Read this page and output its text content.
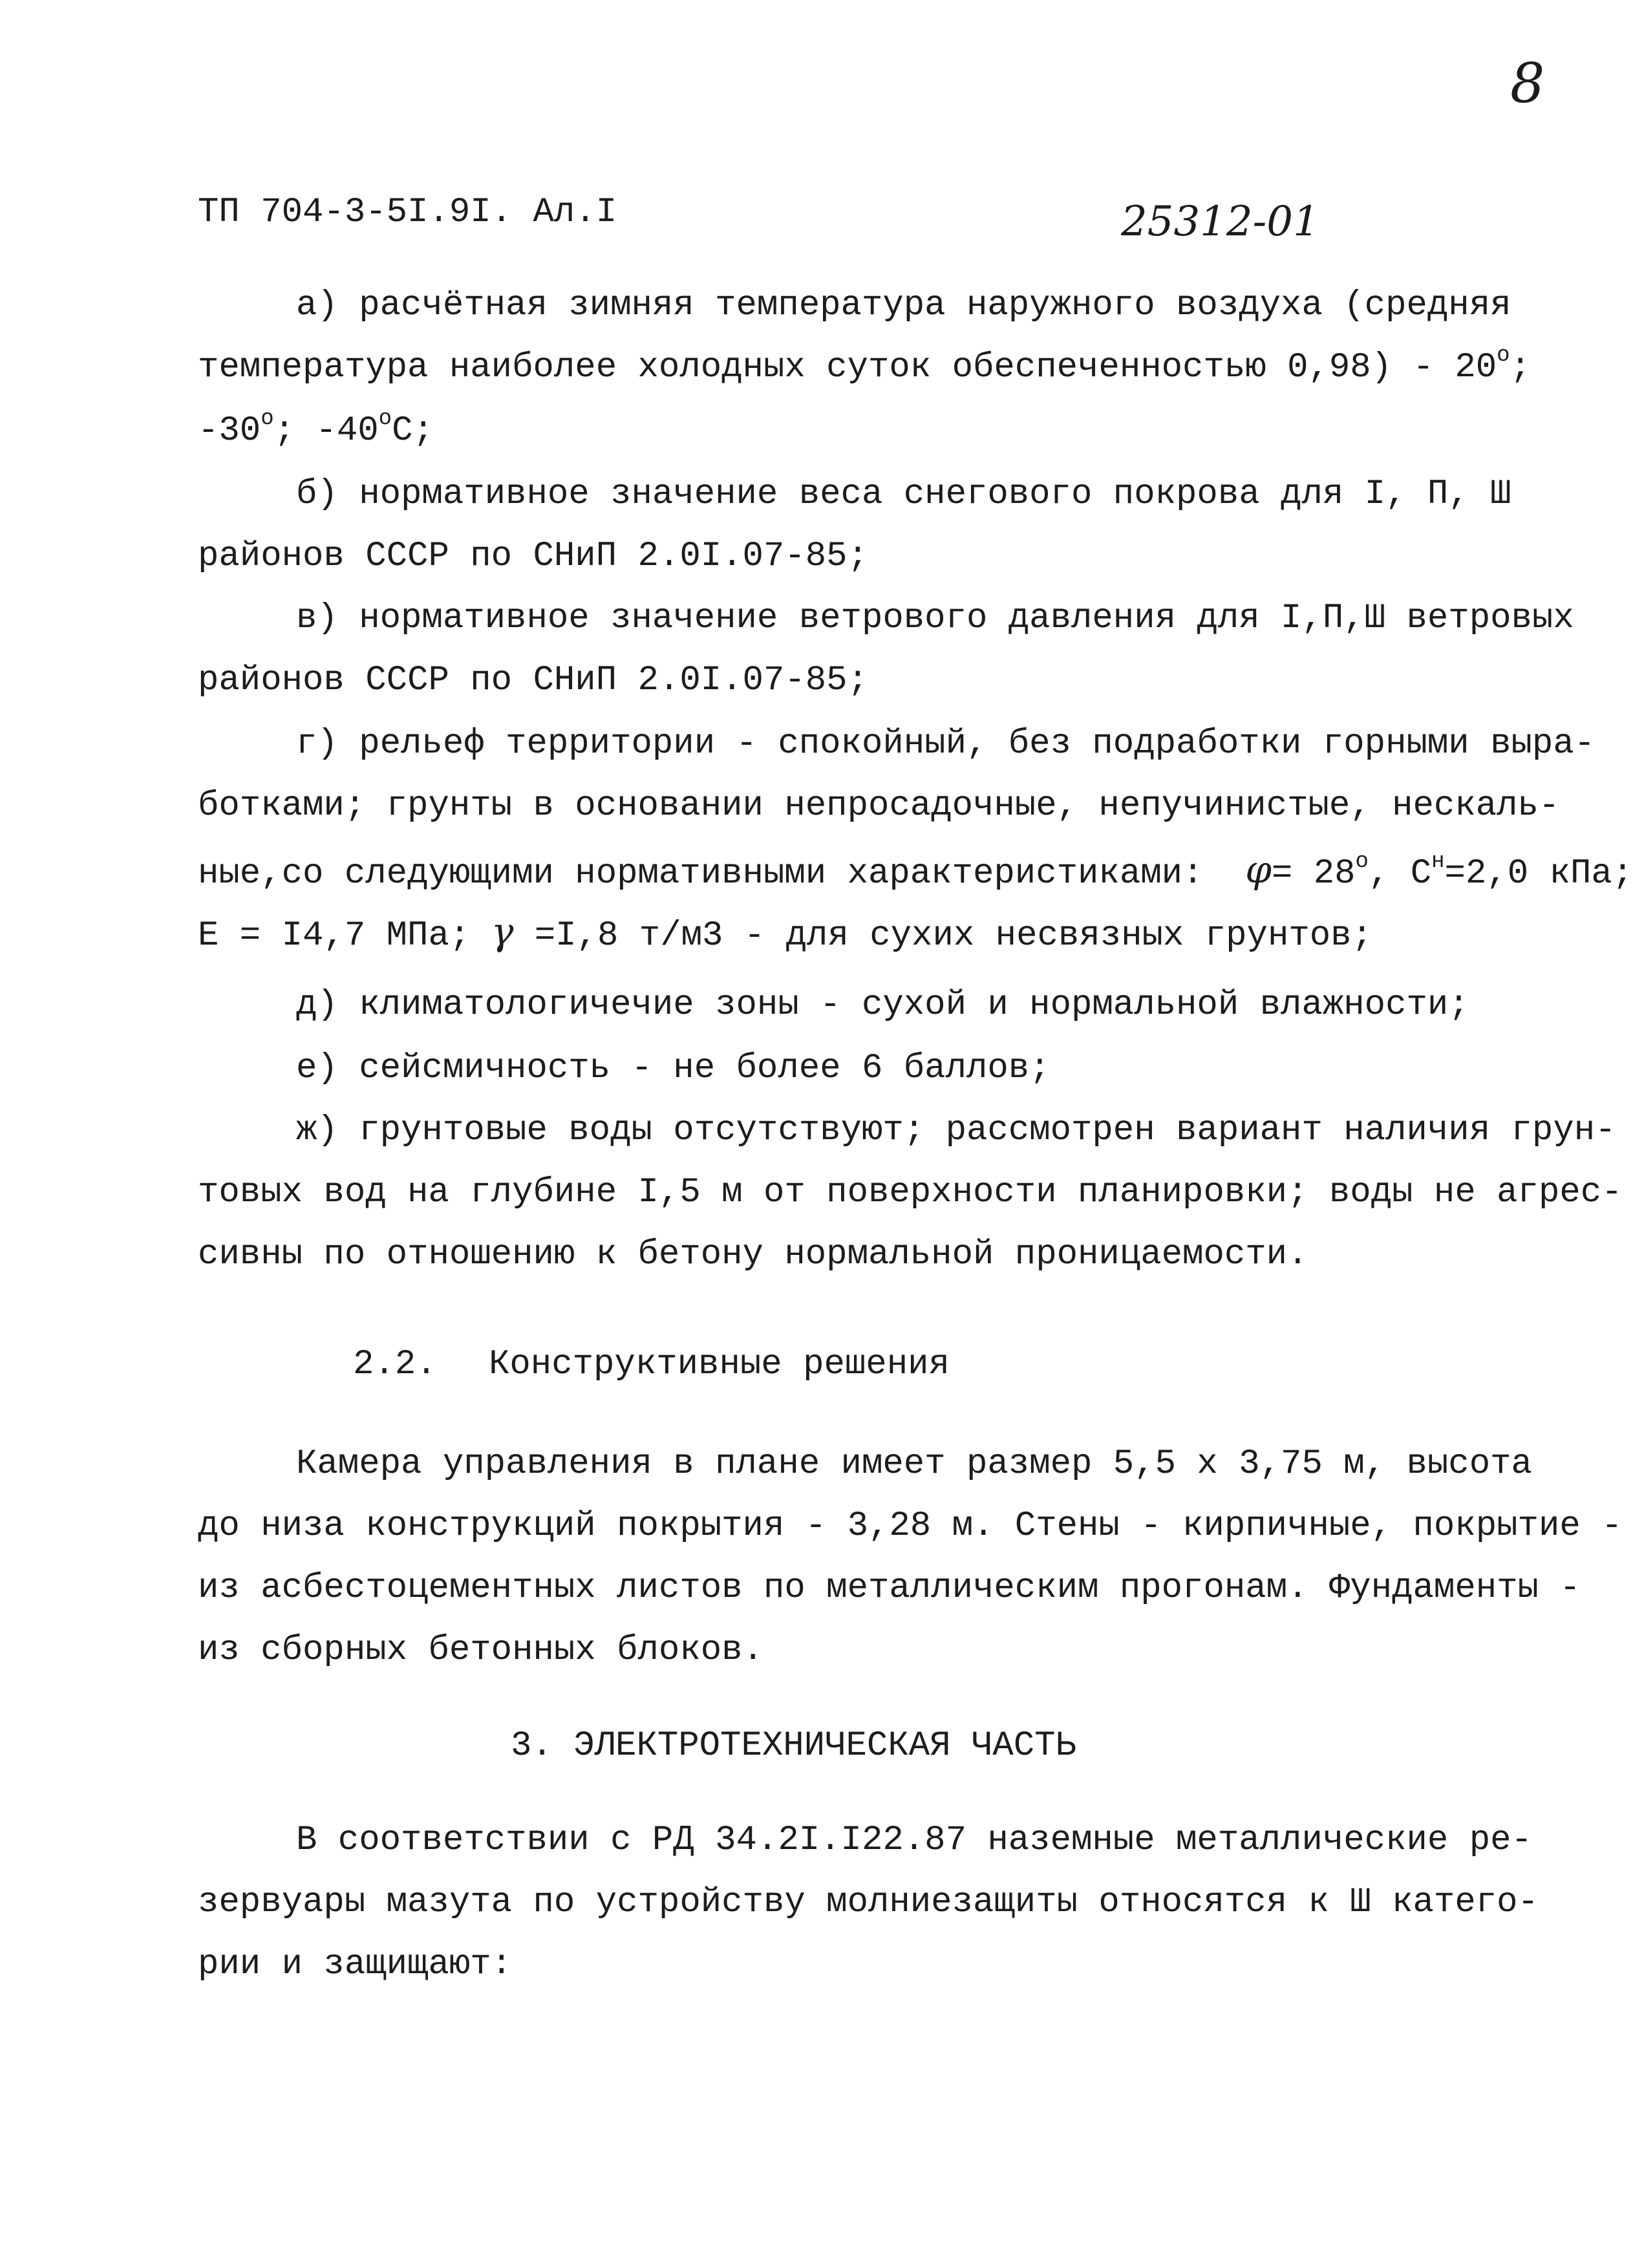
8
ТП 704-3-5I.9I. Ал.I	25312-01
а) расчётная зимняя температура наружного воздуха (средняя
температура наиболее холодных суток обеспеченностью $0,98) - 20^о$;
$-30^о$; $-40^оС$;
б) нормативное значение веса снегового покрова для I, П, Ш
районов СССР по СНиП 2.0I.07-85;
в) нормативное значение ветрового давления для I,П,Ш ветровых
районов СССР по СНиП 2.0I.07-85;
г) рельеф территории - спокойный, без подработки горными выра-
ботками; грунты в основании непросадочные, непучинистые, нескаль-
ные,со следующими нормативными характеристиками: $\varphi= 28^о$, $С^н=2,0$ кПа;
Е = I4,7 МПа; γ =I,8 т/м3 - для сухих несвязных грунтов;
д) климатологичечие зоны - сухой и нормальной влажности;
е) сейсмичность - не более 6 баллов;
ж) грунтовые воды отсутствуют; рассмотрен вариант наличия грун-
товых вод на глубине I,5 м от поверхности планировки; воды не агрес-
сивны по отношению к бетону нормальной проницаемости.
2.2. Конструктивные решения
Камера управления в плане имеет размер 5,5 х 3,75 м, высота
до низа конструкций покрытия - 3,28 м. Стены - кирпичные, покрытие -
из асбестоцементных листов по металлическим прогонам. Фундаменты -
из сборных бетонных блоков.
3. ЭЛЕКТРОТЕХНИЧЕСКАЯ ЧАСТЬ
В соответствии с РД 34.2I.I22.87 наземные металлические ре-
зервуары мазута по устройству молниезащиты относятся к Ш катего-
рии и защищают:
